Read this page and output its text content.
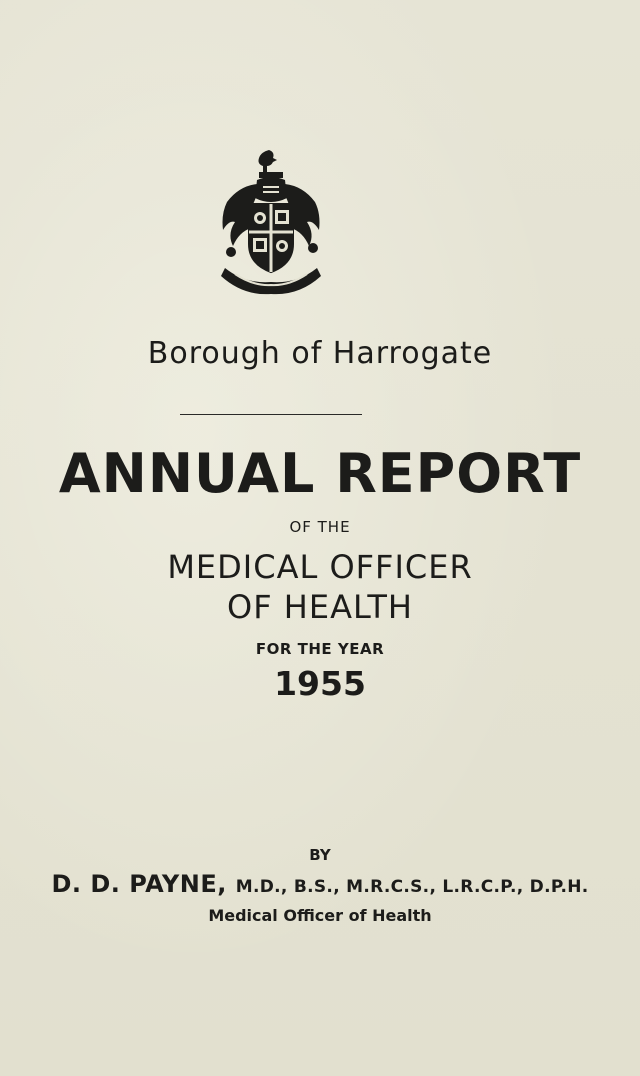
Borough of Harrogate
ANNUAL REPORT
OF THE
MEDICAL OFFICER
OF HEALTH
FOR THE YEAR
1955
BY
D. D. PAYNE, M.D., B.S., M.R.C.S., L.R.C.P., D.P.H.
Medical Officer of Health
